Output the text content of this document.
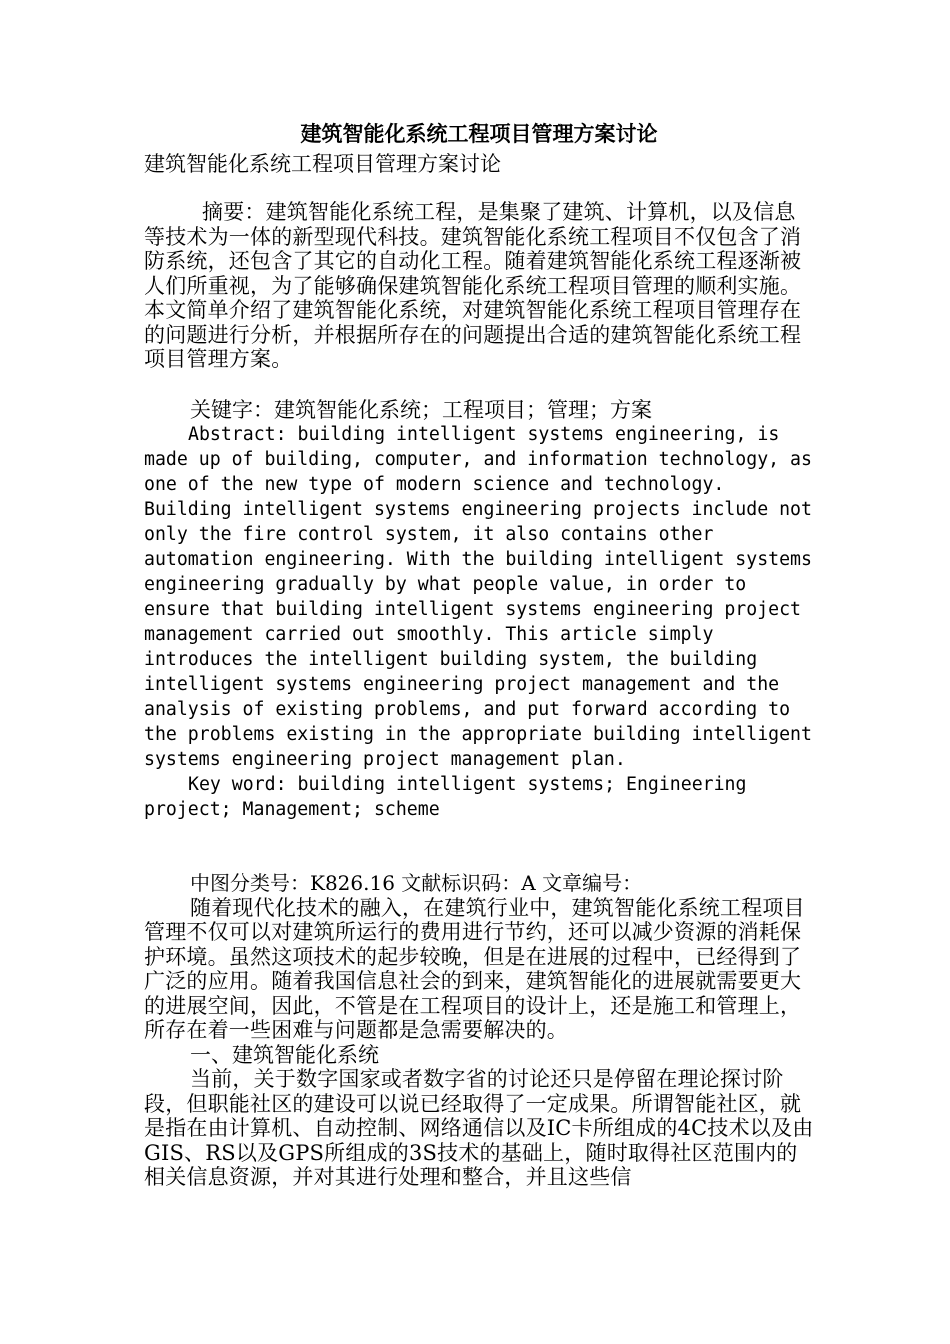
建筑智能化系统工程项目管理方案讨论

建筑智能化系统工程项目管理方案讨论

摘要：建筑智能化系统工程，是集聚了建筑、计算机，以及信息等技术为一体的新型现代科技。建筑智能化系统工程项目不仅包含了消防系统，还包含了其它的自动化工程。随着建筑智能化系统工程逐渐被人们所重视，为了能够确保建筑智能化系统工程项目管理的顺利实施。本文简单介绍了建筑智能化系统，对建筑智能化系统工程项目管理存在的问题进行分析，并根据所存在的问题提出合适的建筑智能化系统工程项目管理方案。

关键字：建筑智能化系统；工程项目；管理；方案

Abstract: building intelligent systems engineering, is made up of building, computer, and information technology, as one of the new type of modern science and technology. Building intelligent systems engineering projects include not only the fire control system, it also contains other automation engineering. With the building intelligent systems engineering gradually by what people value, in order to ensure that building intelligent systems engineering project management carried out smoothly. This article simply introduces the intelligent building system, the building intelligent systems engineering project management and the analysis of existing problems, and put forward according to the problems existing in the appropriate building intelligent systems engineering project management plan.

Key word: building intelligent systems; Engineering project; Management; scheme

中图分类号：K826.16 文献标识码：A 文章编号：

随着现代化技术的融入，在建筑行业中，建筑智能化系统工程项目管理不仅可以对建筑所运行的费用进行节约，还可以减少资源的消耗保护环境。虽然这项技术的起步较晚，但是在进展的过程中，已经得到了广泛的应用。随着我国信息社会的到来，建筑智能化的进展就需要更大的进展空间，因此，不管是在工程项目的设计上，还是施工和管理上，所存在着一些困难与问题都是急需要解决的。

一、建筑智能化系统

当前，关于数字国家或者数字省的讨论还只是停留在理论探讨阶段，但职能社区的建设可以说已经取得了一定成果。所谓智能社区，就是指在由计算机、自动控制、网络通信以及IC卡所组成的4C技术以及由GIS、RS以及GPS所组成的3S技术的基础上，随时取得社区范围内的相关信息资源，并对其进行处理和整合，并且这些信
